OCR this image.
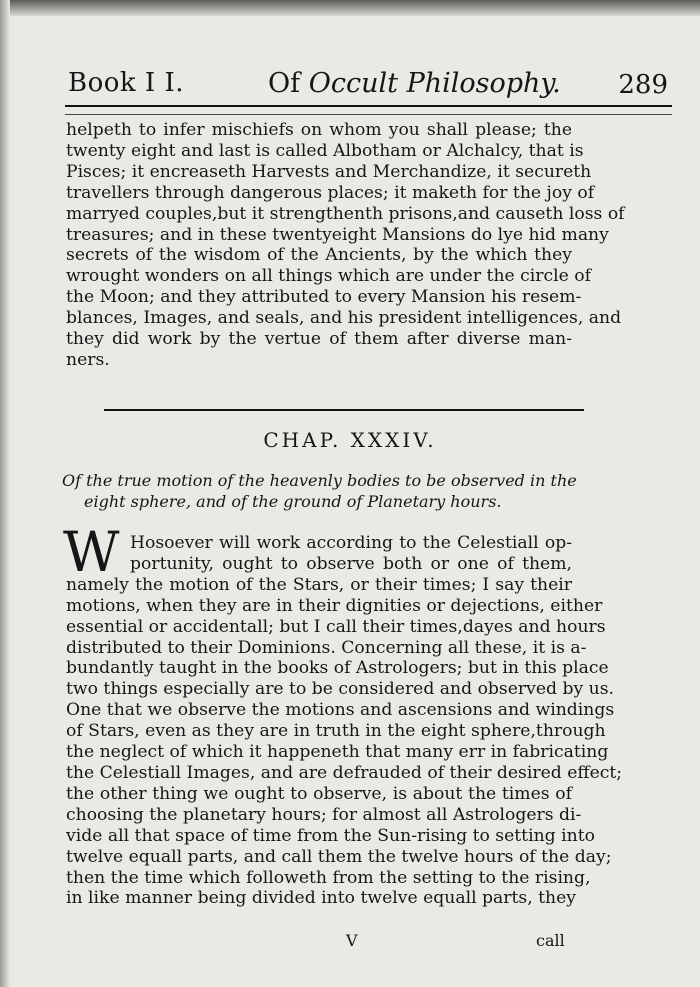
Book I I.	Of Occult Philosophy. 289
helpeth to infer mischiefs on whom you shall please; the
twenty eight and last is called Albotham or Alchalcy, that is
Pisces; it encreaseth Harvests and Merchandize, it secureth
travellers through dangerous places; it maketh for the joy of
marryed couples,but it strengthenth prisons,and causeth loss of
treasures; and in these twentyeight Mansions do lye hid many
secrets of the wisdom of the Ancients, by the which they
wrought wonders on all things which are under the circle of
the Moon; and they attributed to every Mansion his resem-
blances, Images, and seals, and his president intelligences, and
they did work by the vertue of them after diverse man-
ners.
CHAP. XXXIV.
Of the true motion of the heavenly bodies to be observed in the
eight sphere, and of the ground of Planetary hours.
W Hosoever will work according to the Celestiall op-
portunity, ought to observe both or one of them,
namely the motion of the Stars, or their times; I say their
motions, when they are in their dignities or dejections, either
essential or accidentall; but I call their times,dayes and hours
distributed to their Dominions. Concerning all these, it is a-
bundantly taught in the books of Astrologers; but in this place
two things especially are to be considered and observed by us.
One that we observe the motions and ascensions and windings
of Stars, even as they are in truth in the eight sphere,through
the neglect of which it happeneth that many err in fabricating
the Celestiall Images, and are defrauded of their desired effect;
the other thing we ought to observe, is about the times of
choosing the planetary hours; for almost all Astrologers di-
vide all that space of time from the Sun-rising to setting into
twelve equall parts, and call them the twelve hours of the day;
then the time which followeth from the setting to the rising,
in like manner being divided into twelve equall parts, they
V	call
